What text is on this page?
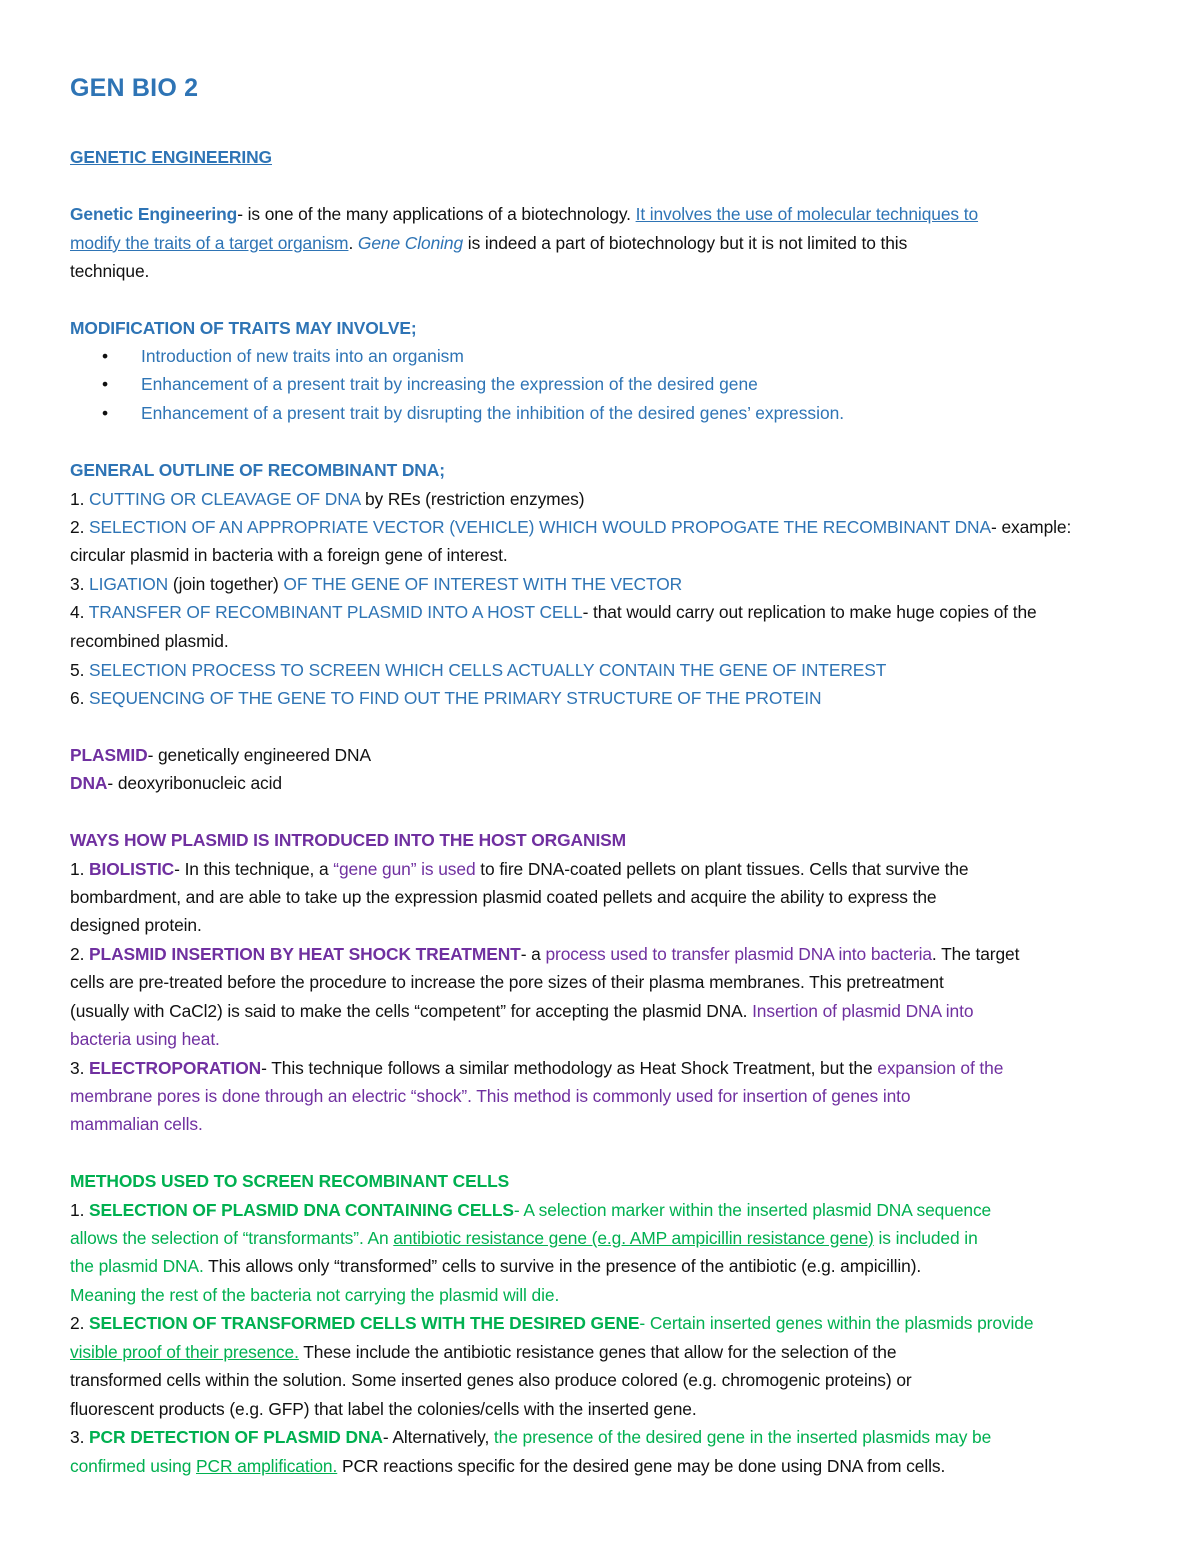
GEN BIO 2
GENETIC ENGINEERING
Genetic Engineering- is one of the many applications of a biotechnology. It involves the use of molecular techniques to
modify the traits of a target organism. Gene Cloning is indeed a part of biotechnology but it is not limited to this
technique.
MODIFICATION OF TRAITS MAY INVOLVE;
• Introduction of new traits into an organism
• Enhancement of a present trait by increasing the expression of the desired gene
• Enhancement of a present trait by disrupting the inhibition of the desired genes’ expression.
GENERAL OUTLINE OF RECOMBINANT DNA;
1. CUTTING OR CLEAVAGE OF DNA by REs (restriction enzymes)
2. SELECTION OF AN APPROPRIATE VECTOR (VEHICLE) WHICH WOULD PROPOGATE THE RECOMBINANT DNA- example:
circular plasmid in bacteria with a foreign gene of interest.
3. LIGATION (join together) OF THE GENE OF INTEREST WITH THE VECTOR
4. TRANSFER OF RECOMBINANT PLASMID INTO A HOST CELL- that would carry out replication to make huge copies of the
recombined plasmid.
5. SELECTION PROCESS TO SCREEN WHICH CELLS ACTUALLY CONTAIN THE GENE OF INTEREST
6. SEQUENCING OF THE GENE TO FIND OUT THE PRIMARY STRUCTURE OF THE PROTEIN
PLASMID- genetically engineered DNA
DNA- deoxyribonucleic acid
WAYS HOW PLASMID IS INTRODUCED INTO THE HOST ORGANISM
1. BIOLISTIC- In this technique, a “gene gun” is used to fire DNA-coated pellets on plant tissues. Cells that survive the
bombardment, and are able to take up the expression plasmid coated pellets and acquire the ability to express the
designed protein.
2. PLASMID INSERTION BY HEAT SHOCK TREATMENT- a process used to transfer plasmid DNA into bacteria. The target
cells are pre-treated before the procedure to increase the pore sizes of their plasma membranes. This pretreatment
(usually with CaCl2) is said to make the cells “competent” for accepting the plasmid DNA. Insertion of plasmid DNA into
bacteria using heat.
3. ELECTROPORATION- This technique follows a similar methodology as Heat Shock Treatment, but the expansion of the
membrane pores is done through an electric “shock”. This method is commonly used for insertion of genes into
mammalian cells.
METHODS USED TO SCREEN RECOMBINANT CELLS
1. SELECTION OF PLASMID DNA CONTAINING CELLS- A selection marker within the inserted plasmid DNA sequence
allows the selection of “transformants”. An antibiotic resistance gene (e.g. AMP ampicillin resistance gene) is included in
the plasmid DNA. This allows only “transformed” cells to survive in the presence of the antibiotic (e.g. ampicillin).
Meaning the rest of the bacteria not carrying the plasmid will die.
2. SELECTION OF TRANSFORMED CELLS WITH THE DESIRED GENE- Certain inserted genes within the plasmids provide
visible proof of their presence. These include the antibiotic resistance genes that allow for the selection of the
transformed cells within the solution. Some inserted genes also produce colored (e.g. chromogenic proteins) or
fluorescent products (e.g. GFP) that label the colonies/cells with the inserted gene.
3. PCR DETECTION OF PLASMID DNA- Alternatively, the presence of the desired gene in the inserted plasmids may be
confirmed using PCR amplification. PCR reactions specific for the desired gene may be done using DNA from cells.
